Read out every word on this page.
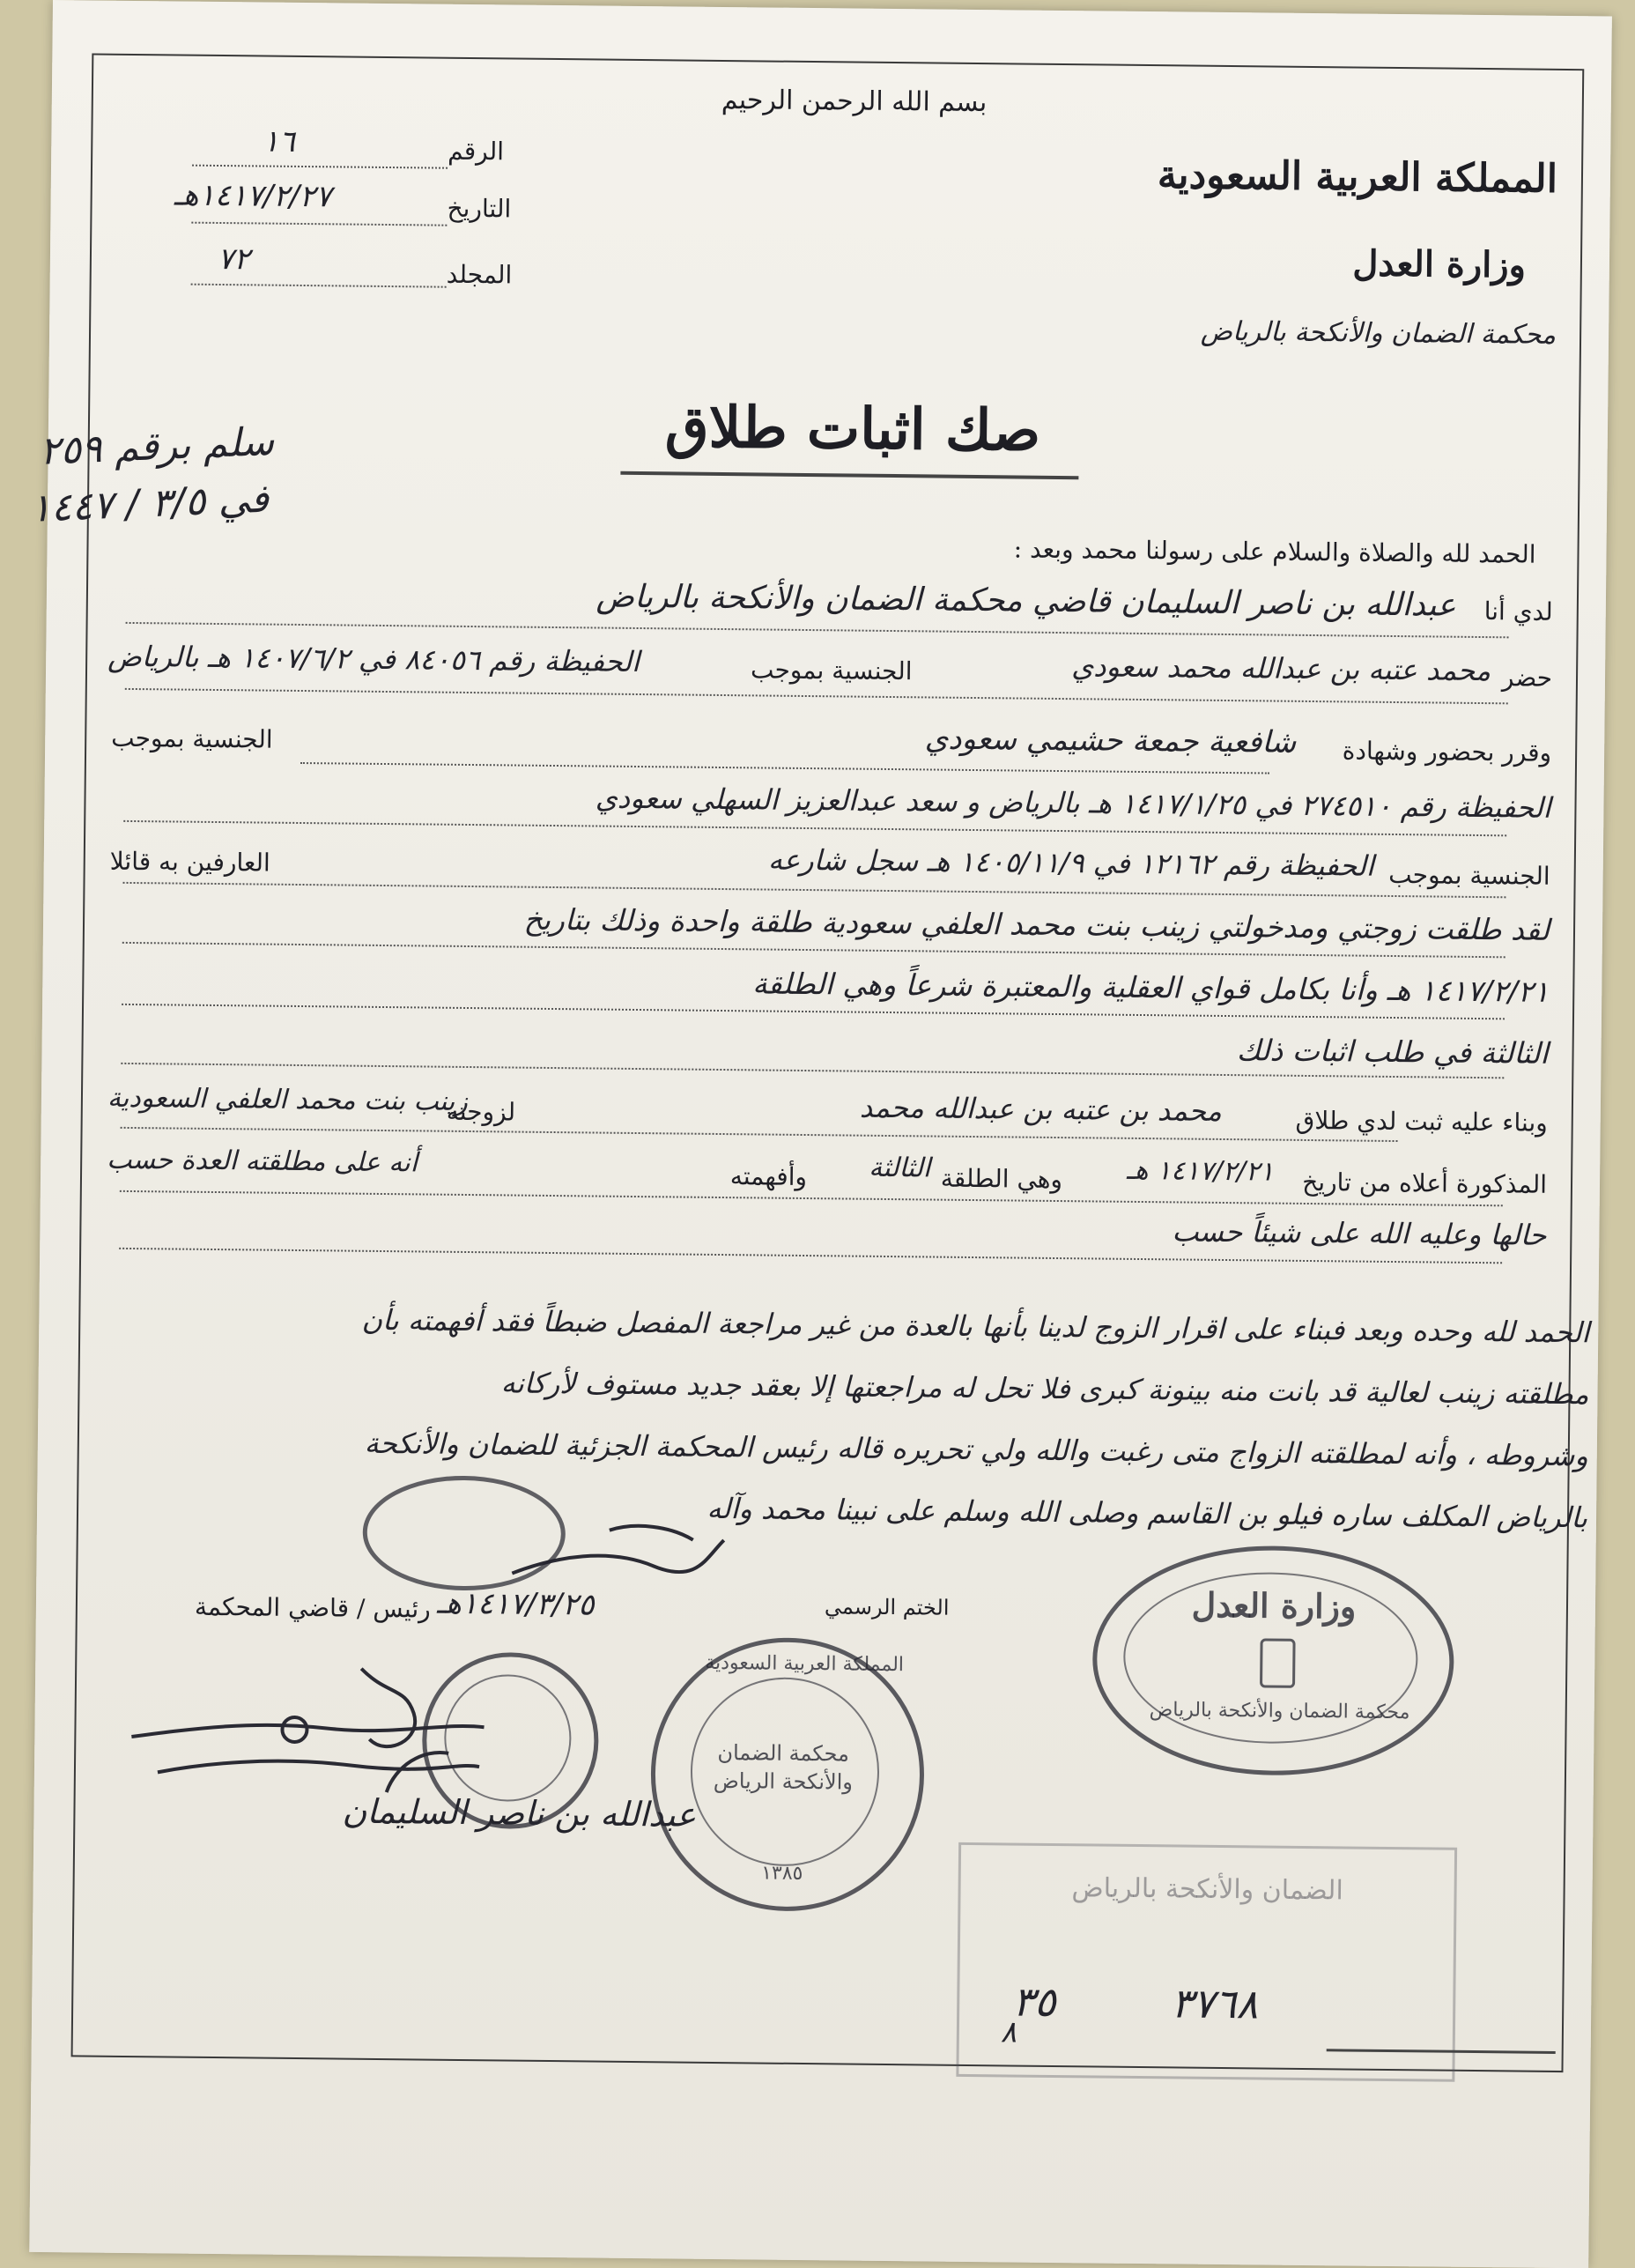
بسم الله الرحمن الرحيم
المملكة العربية السعودية
وزارة العدل
محكمة الضمان والأنكحة بالرياض
الرقم
١٦
التاريخ
١٤١٧/٢/٢٧هـ
المجلد
٧٢
صك اثبات طلاق
سلم برقم ٢٥٩
في ٣/٥ / ١٤٤٧
الحمد لله والصلاة والسلام على رسولنا محمد وبعد :
لدي أنا
عبدالله بن ناصر السليمان قاضي محكمة الضمان والأنكحة بالرياض
حضر
محمد عتبه بن عبدالله محمد سعودي
الجنسية بموجب
الحفيظة رقم ٨٤٠٥٦ في ١٤٠٧/٦/٢ هـ بالرياض
وقرر بحضور وشهادة
شافعية جمعة حشيمي سعودي
الجنسية بموجب
الحفيظة رقم ٢٧٤٥١٠ في ١٤١٧/١/٢٥ هـ بالرياض و سعد عبدالعزيز السهلي سعودي
الجنسية بموجب
الحفيظة رقم ١٢١٦٢ في ١٤٠٥/١١/٩ هـ سجل شارعه
العارفين به قائلا
لقد طلقت زوجتي ومدخولتي زينب بنت محمد العلفي سعودية طلقة واحدة وذلك بتاريخ
١٤١٧/٢/٢١ هـ وأنا بكامل قواي العقلية والمعتبرة شرعاً وهي الطلقة
الثالثة في طلب اثبات ذلك
وبناء عليه ثبت لدي طلاق
محمد بن عتبه بن عبدالله محمد
لزوجته
زينب بنت محمد العلفي السعودية
المذكورة أعلاه من تاريخ
١٤١٧/٢/٢١ هـ
وهي الطلقة
الثالثة
وأفهمته
أنه على مطلقته العدة حسب
حالها وعليه الله على شيئاً حسب
الحمد لله وحده وبعد فبناء على اقرار الزوج لدينا بأنها بالعدة من غير مراجعة المفصل ضبطاً فقد أفهمته بأن
مطلقته زينب لعالية قد بانت منه بينونة كبرى فلا تحل له مراجعتها إلا بعقد جديد مستوف لأركانه
وشروطه ، وأنه لمطلقته الزواج متى رغبت والله ولي تحريره قاله رئيس المحكمة الجزئية للضمان والأنكحة
بالرياض المكلف ساره فيلو بن القاسم وصلى الله وسلم على نبينا محمد وآله
١٤١٧/٣/٢٥هـ	الختم الرسمي
رئيس / قاضي المحكمة
عبدالله بن ناصر السليمان
المملكة العربية السعودية
محكمة الضمان والأنكحة الرياض
١٣٨٥
وزارة العدل
محكمة الضمان والأنكحة بالرياض
الضمان والأنكحة بالرياض
٣٥	٣٧٦٨
٨
